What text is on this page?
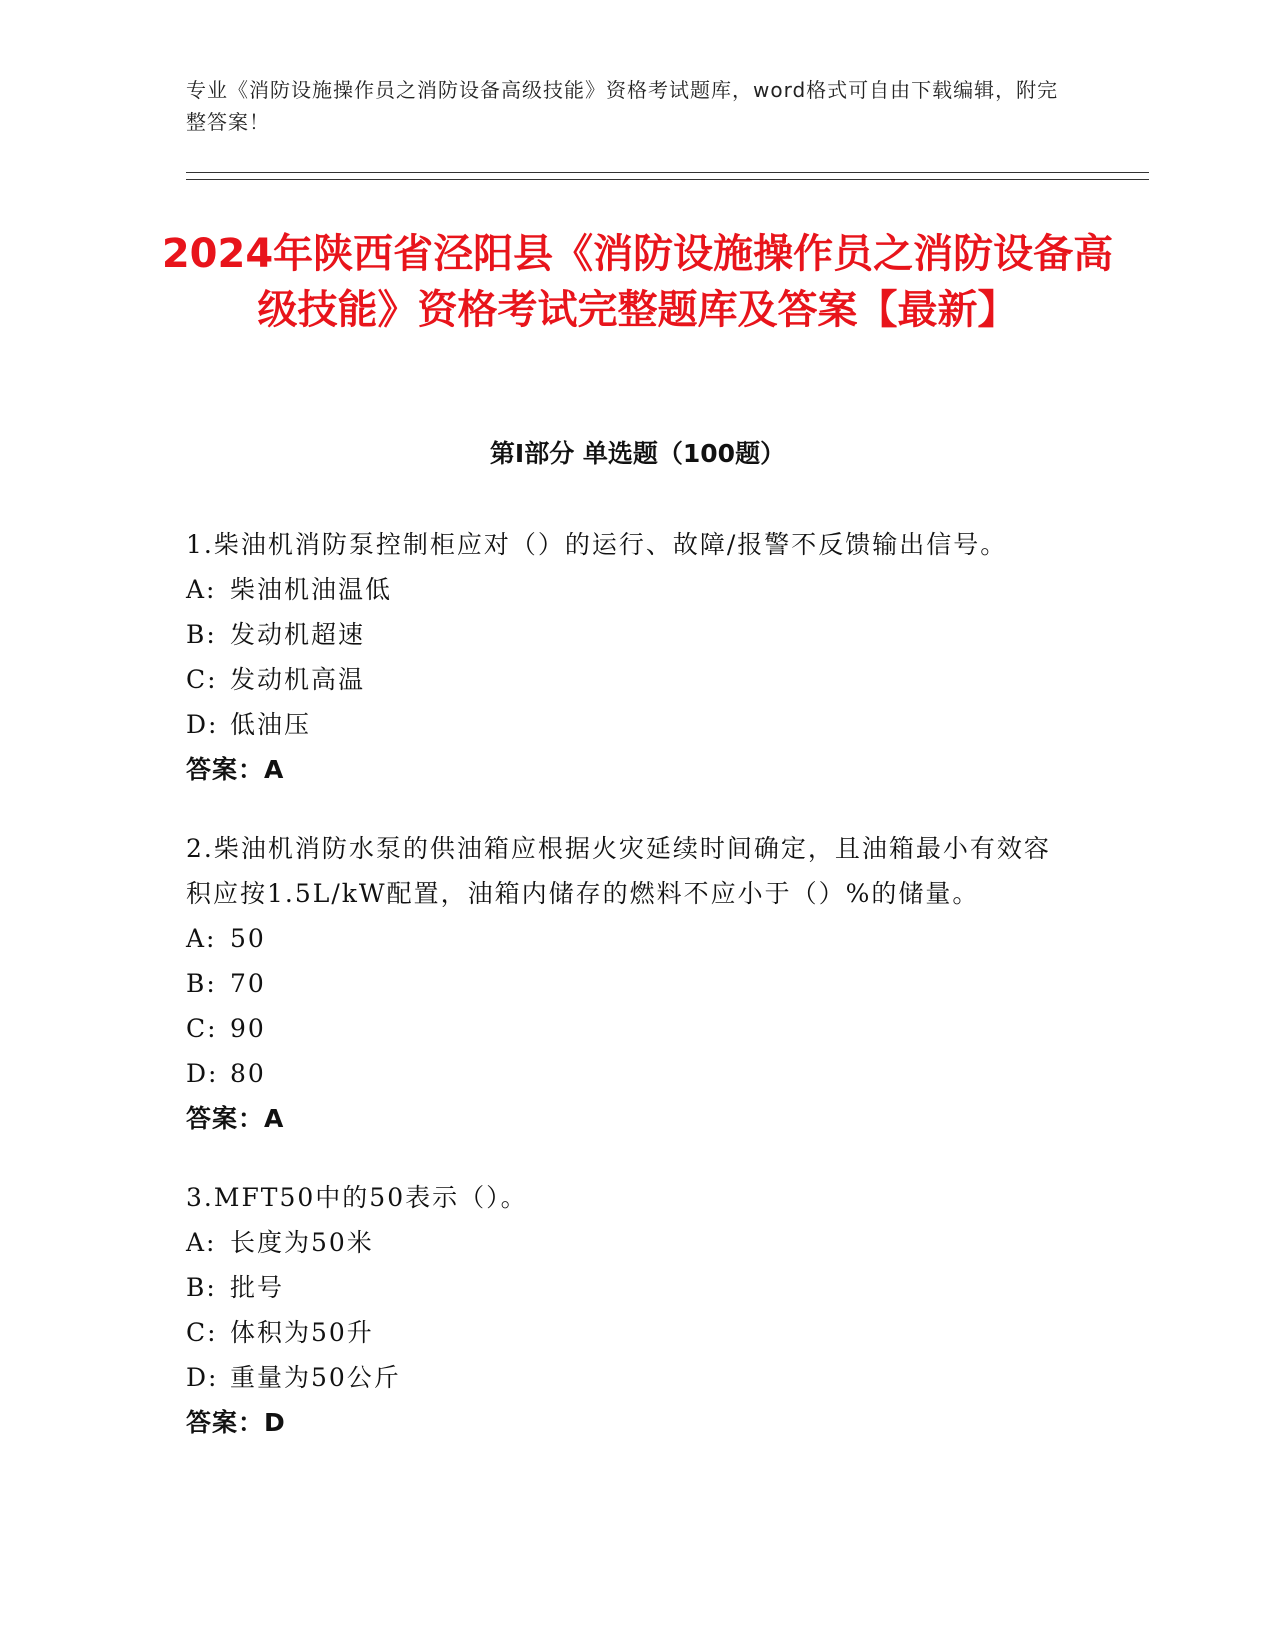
专业《消防设施操作员之消防设备高级技能》资格考试题库，word格式可自由下载编辑，附完整答案！
2024年陕西省泾阳县《消防设施操作员之消防设备高级技能》资格考试完整题库及答案【最新】
第I部分 单选题（100题）
1.柴油机消防泵控制柜应对（）的运行、故障/报警不反馈输出信号。
A: 柴油机油温低
B: 发动机超速
C: 发动机高温
D: 低油压
答案：A
2.柴油机消防水泵的供油箱应根据火灾延续时间确定，且油箱最小有效容积应按1.5L/kW配置，油箱内储存的燃料不应小于（）%的储量。
A: 50
B: 70
C: 90
D: 80
答案：A
3.MFT50中的50表示（）。
A: 长度为50米
B: 批号
C: 体积为50升
D: 重量为50公斤
答案：D
